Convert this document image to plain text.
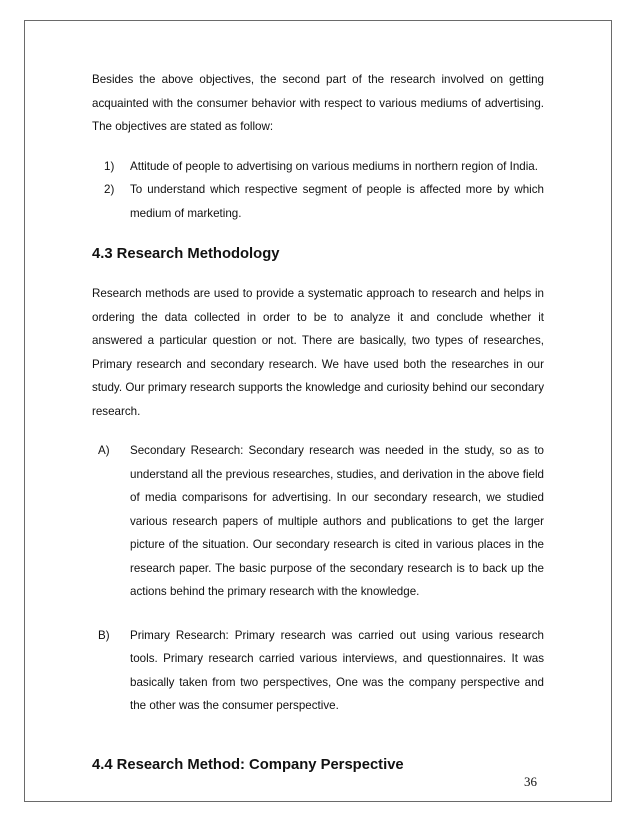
Besides the above objectives, the second part of the research involved on getting acquainted with the consumer behavior with respect to various mediums of advertising. The objectives are stated as follow:

1) Attitude of people to advertising on various mediums in northern region of India.
2) To understand which respective segment of people is affected more by which medium of marketing.
4.3 Research Methodology

Research methods are used to provide a systematic approach to research and helps in ordering the data collected in order to be to analyze it and conclude whether it answered a particular question or not. There are basically, two types of researches, Primary research and secondary research. We have used both the researches in our study. Our primary research supports the knowledge and curiosity behind our secondary research.

A) Secondary Research: Secondary research was needed in the study, so as to understand all the previous researches, studies, and derivation in the above field of media comparisons for advertising. In our secondary research, we studied various research papers of multiple authors and publications to get the larger picture of the situation. Our secondary research is cited in various places in the research paper. The basic purpose of the secondary research is to back up the actions behind the primary research with the knowledge.
B) Primary Research: Primary research was carried out using various research tools. Primary research carried various interviews, and questionnaires. It was basically taken from two perspectives, One was the company perspective and the other was the consumer perspective.
4.4 Research Method: Company Perspective
36
